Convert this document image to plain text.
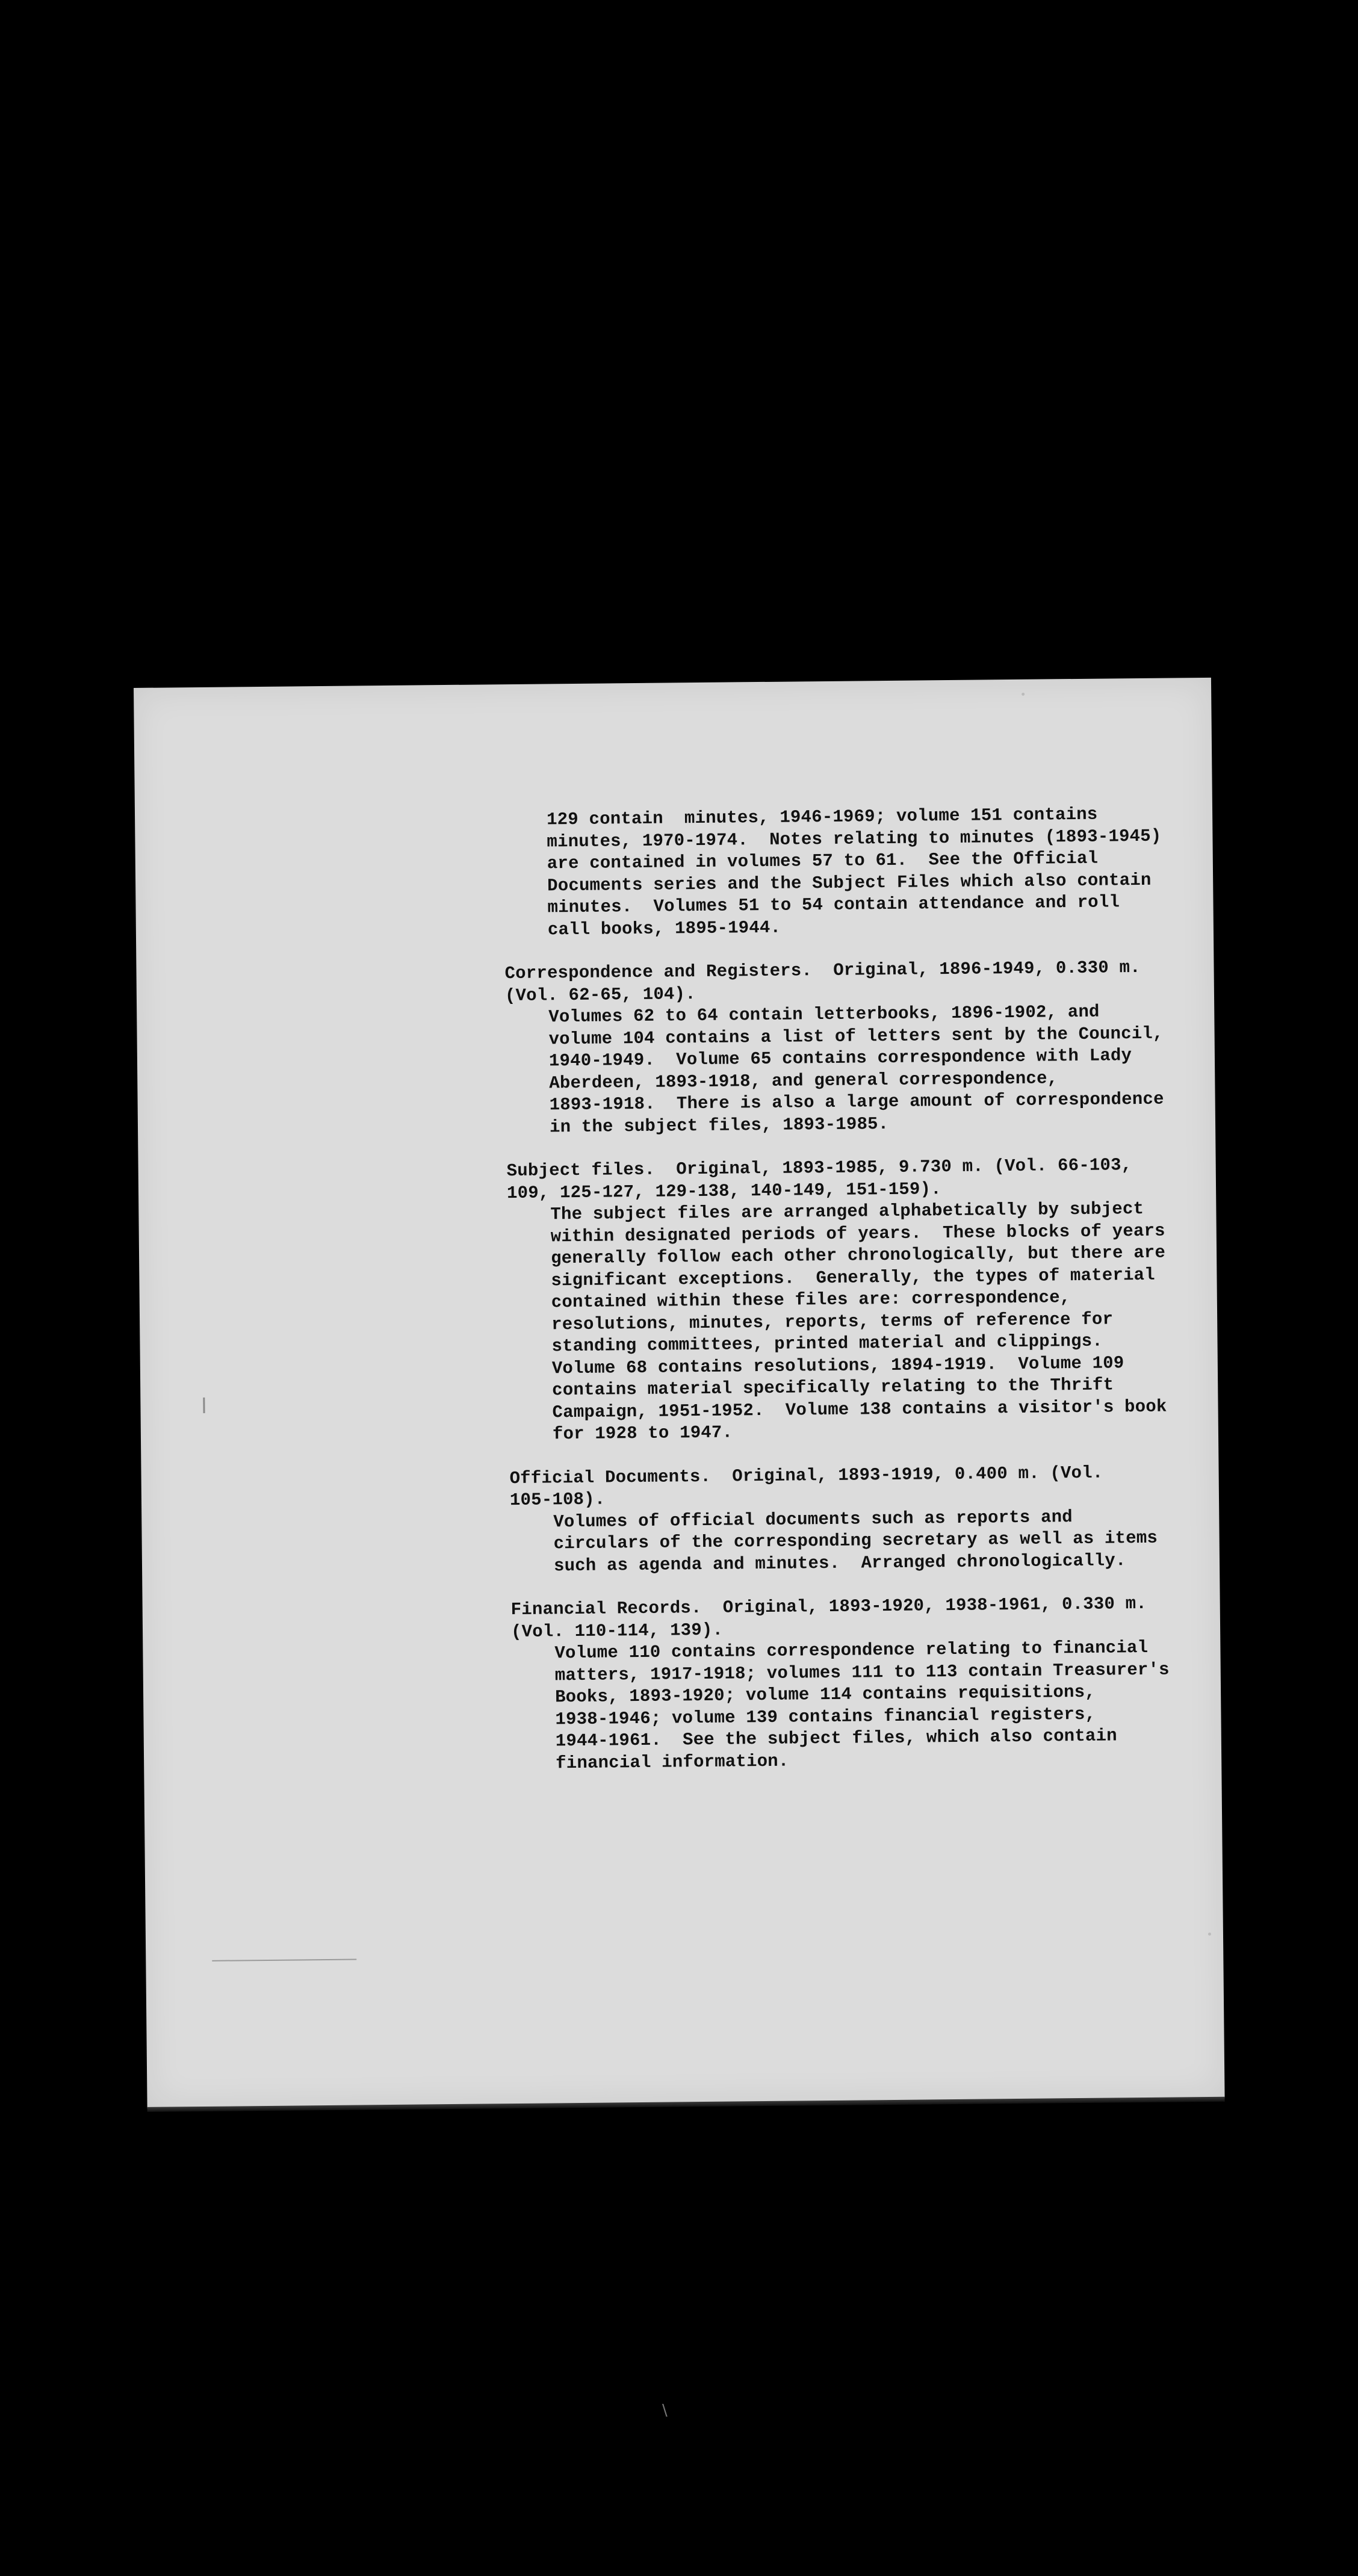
129 contain  minutes, 1946-1969; volume 151 contains
minutes, 1970-1974.  Notes relating to minutes (1893-1945)
are contained in volumes 57 to 61.  See the Official
Documents series and the Subject Files which also contain
minutes.  Volumes 51 to 54 contain attendance and roll
call books, 1895-1944.
Correspondence and Registers.  Original, 1896-1949, 0.330 m.
(Vol. 62-65, 104).
Volumes 62 to 64 contain letterbooks, 1896-1902, and
volume 104 contains a list of letters sent by the Council,
1940-1949.  Volume 65 contains correspondence with Lady
Aberdeen, 1893-1918, and general correspondence,
1893-1918.  There is also a large amount of correspondence
in the subject files, 1893-1985.
Subject files.  Original, 1893-1985, 9.730 m. (Vol. 66-103,
109, 125-127, 129-138, 140-149, 151-159).
The subject files are arranged alphabetically by subject
within designated periods of years.  These blocks of years
generally follow each other chronologically, but there are
significant exceptions.  Generally, the types of material
contained within these files are: correspondence,
resolutions, minutes, reports, terms of reference for
standing committees, printed material and clippings.
Volume 68 contains resolutions, 1894-1919.  Volume 109
contains material specifically relating to the Thrift
Campaign, 1951-1952.  Volume 138 contains a visitor's book
for 1928 to 1947.
Official Documents.  Original, 1893-1919, 0.400 m. (Vol.
105-108).
Volumes of official documents such as reports and
circulars of the corresponding secretary as well as items
such as agenda and minutes.  Arranged chronologically.
Financial Records.  Original, 1893-1920, 1938-1961, 0.330 m.
(Vol. 110-114, 139).
Volume 110 contains correspondence relating to financial
matters, 1917-1918; volumes 111 to 113 contain Treasurer's
Books, 1893-1920; volume 114 contains requisitions,
1938-1946; volume 139 contains financial registers,
1944-1961.  See the subject files, which also contain
financial information.
\
